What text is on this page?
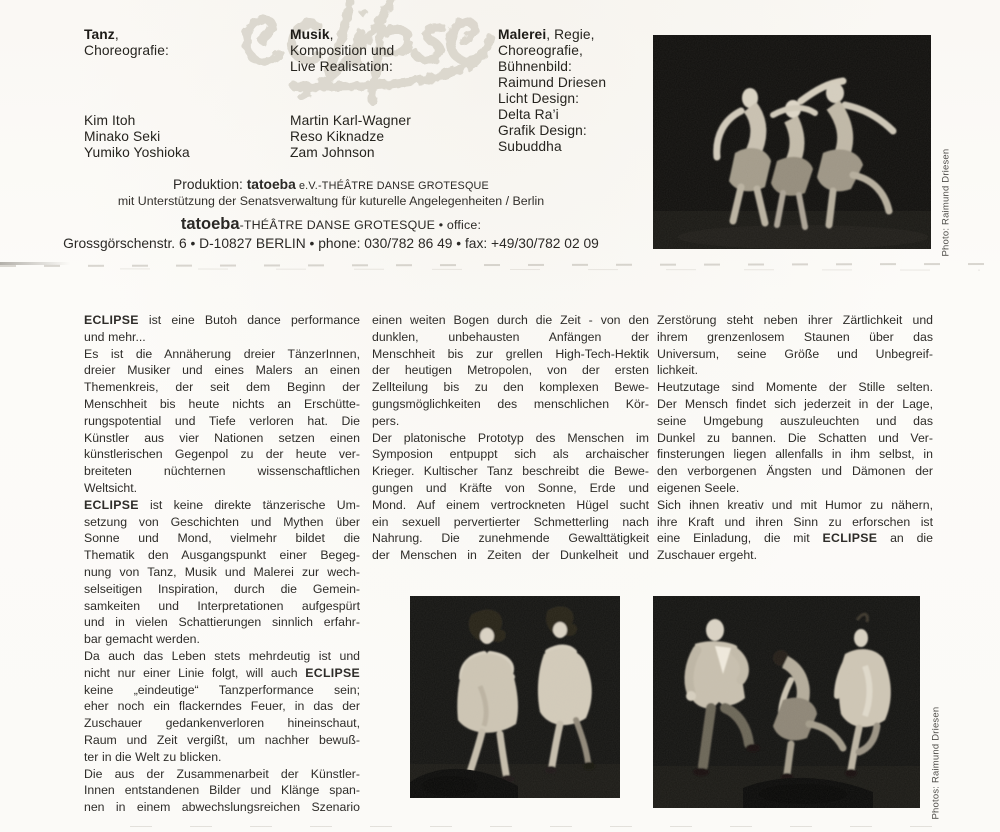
Tanz,
Choreografie:
Kim Itoh
Minako Seki
Yumiko Yoshioka
Musik,
Komposition und
Live Realisation:
Martin Karl-Wagner
Reso Kiknadze
Zam Johnson
Malerei, Regie,
Choreografie,
Bühnenbild:
Raimund Driesen
Licht Design:
Delta Ra’i
Grafik Design:
Subuddha
Produktion: tatoeba e.V.-THÉÂTRE DANSE GROTESQUE
mit Unterstützung der Senatsverwaltung für kuturelle Angelegenheiten / Berlin
tatoeba-THÉÂTRE DANSE GROTESQUE • office:
Grossgörschenstr. 6 • D-10827 BERLIN • phone: 030/782 86 49 • fax: +49/30/782 02 09	Photo: Raimund Driesen
ECLIPSE ist eine Butoh dance performance
und mehr...
Es ist die Annäherung dreier TänzerInnen,
dreier Musiker und eines Malers an einen
Themenkreis, der seit dem Beginn der
Menschheit bis heute nichts an Erschütte-
rungspotential und Tiefe verloren hat. Die
Künstler aus vier Nationen setzen einen
künstlerischen Gegenpol zu der heute ver-
breiteten nüchternen wissenschaftlichen
Weltsicht.
ECLIPSE ist keine direkte tänzerische Um-
setzung von Geschichten und Mythen über
Sonne und Mond, vielmehr bildet die
Thematik den Ausgangspunkt einer Begeg-
nung von Tanz, Musik und Malerei zur wech-
selseitigen Inspiration, durch die Gemein-
samkeiten und Interpretationen aufgespürt
und in vielen Schattierungen sinnlich erfahr-
bar gemacht werden.
Da auch das Leben stets mehrdeutig ist und
nicht nur einer Linie folgt, will auch ECLIPSE
keine „eindeutige“ Tanzperformance sein;
eher noch ein flackerndes Feuer, in das der
Zuschauer gedankenverloren hineinschaut,
Raum und Zeit vergißt, um nachher bewuß-
ter in die Welt zu blicken.
Die aus der Zusammenarbeit der Künstler-
Innen entstandenen Bilder und Klänge span-
nen in einem abwechslungsreichen Szenario
einen weiten Bogen durch die Zeit - von den
dunklen, unbehausten Anfängen der
Menschheit bis zur grellen High-Tech-Hektik
der heutigen Metropolen, von der ersten
Zellteilung bis zu den komplexen Bewe-
gungsmöglichkeiten des menschlichen Kör-
pers.
Der platonische Prototyp des Menschen im
Symposion entpuppt sich als archaischer
Krieger. Kultischer Tanz beschreibt die Bewe-
gungen und Kräfte von Sonne, Erde und
Mond. Auf einem vertrockneten Hügel sucht
ein sexuell pervertierter Schmetterling nach
Nahrung. Die zunehmende Gewalttätigkeit
der Menschen in Zeiten der Dunkelheit und
Zerstörung steht neben ihrer Zärtlichkeit und
ihrem grenzenlosem Staunen über das
Universum, seine Größe und Unbegreif-
lichkeit.
Heutzutage sind Momente der Stille selten.
Der Mensch findet sich jederzeit in der Lage,
seine Umgebung auszuleuchten und das
Dunkel zu bannen. Die Schatten und Ver-
finsterungen liegen allenfalls in ihm selbst, in
den verborgenen Ängsten und Dämonen der
eigenen Seele.
Sich ihnen kreativ und mit Humor zu nähern,
ihre Kraft und ihren Sinn zu erforschen ist
eine Einladung, die mit ECLIPSE an die
Zuschauer ergeht.
Photos: Raimund Driesen
